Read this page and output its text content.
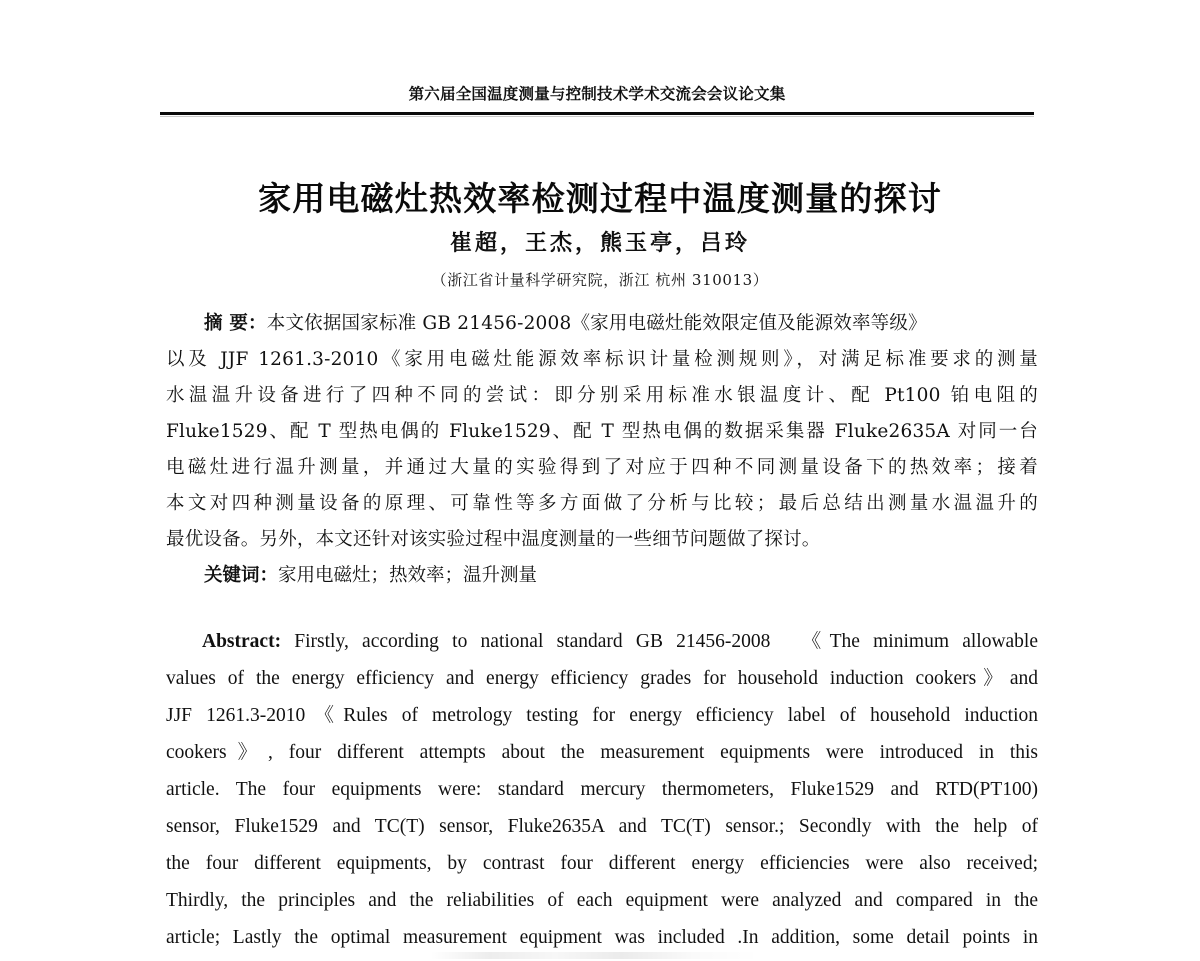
第六届全国温度测量与控制技术学术交流会会议论文集
家用电磁灶热效率检测过程中温度测量的探讨
崔超，王杰，熊玉亭，吕玲
（浙江省计量科学研究院，浙江 杭州 310013）
摘 要：本文依据国家标准 GB 21456-2008《家用电磁灶能效限定值及能源效率等级》
以及 JJF 1261.3-2010《家用电磁灶能源效率标识计量检测规则》，对满足标准要求的测量
水温温升设备进行了四种不同的尝试：即分别采用标准水银温度计、配 Pt100 铂电阻的
Fluke1529、配 T 型热电偶的 Fluke1529、配 T 型热电偶的数据采集器 Fluke2635A 对同一台
电磁灶进行温升测量，并通过大量的实验得到了对应于四种不同测量设备下的热效率；接着
本文对四种测量设备的原理、可靠性等多方面做了分析与比较；最后总结出测量水温温升的
最优设备。另外，本文还针对该实验过程中温度测量的一些细节问题做了探讨。
关键词：家用电磁灶；热效率；温升测量
Abstract: Firstly, according to national standard GB 21456-2008 　《The minimum allowable
values of the energy efficiency and energy efficiency grades for household induction cookers》and
JJF 1261.3-2010《Rules of metrology testing for energy efficiency label of household induction
cookers》, four different attempts about the measurement equipments were introduced in this
article. The four equipments were: standard mercury thermometers, Fluke1529 and RTD(PT100)
sensor, Fluke1529 and TC(T) sensor, Fluke2635A and TC(T) sensor.; Secondly with the help of
the four different equipments, by contrast four different energy efficiencies were also received;
Thirdly, the principles and the reliabilities of each equipment were analyzed and compared in the
article; Lastly the optimal measurement equipment was included .In addition, some detail points in
